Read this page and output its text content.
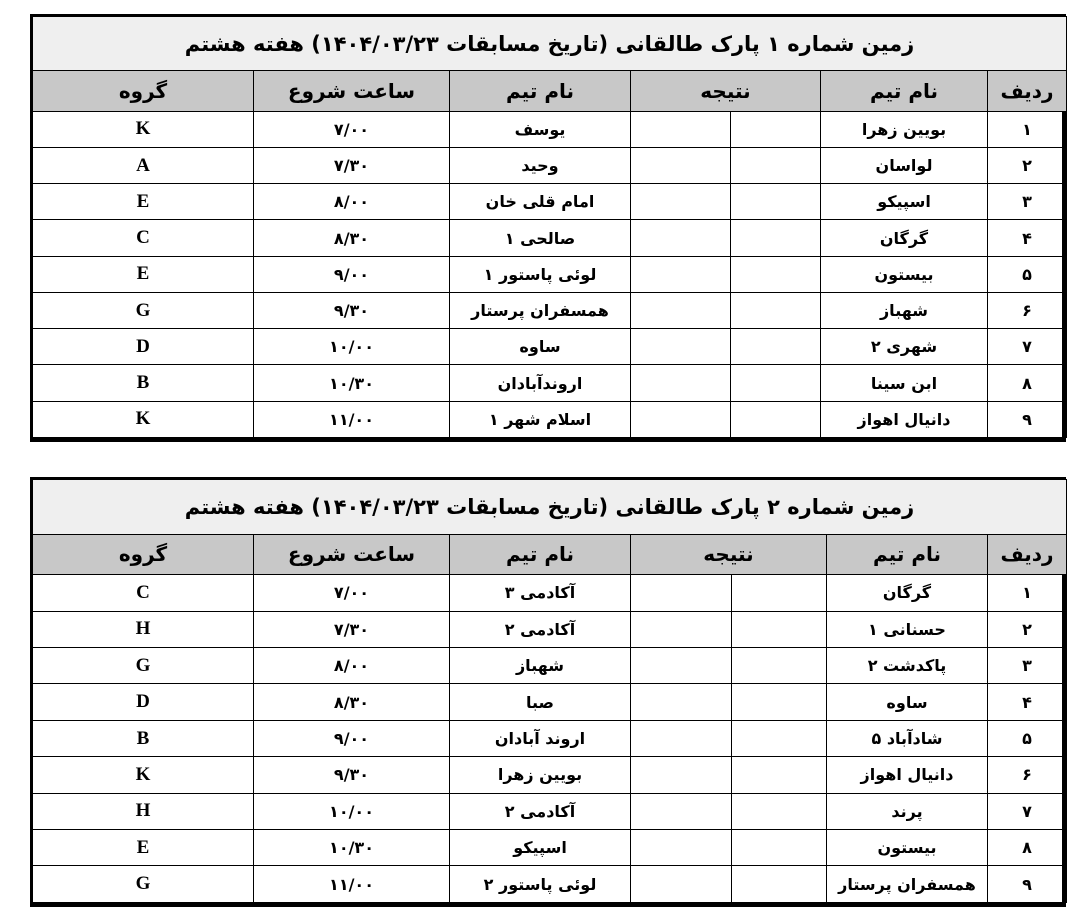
زمین شماره ۱ پارک طالقانی (تاریخ مسابقات ۱۴۰۴/۰۳/۲۳) هفته هشتم						
ردیف	نام تیم	نتیجه		نام تیم	ساعت شروع	گروه
۱	بویین زهرا			یوسف	۷/۰۰	K
۲	لواسان			وحید	۷/۳۰	A
۳	اسپیکو			امام قلی خان	۸/۰۰	E
۴	گرگان			صالحی ۱	۸/۳۰	C
۵	بیستون			لوئی پاستور ۱	۹/۰۰	E
۶	شهباز			همسفران پرستار	۹/۳۰	G
۷	شهری ۲			ساوه	۱۰/۰۰	D
۸	ابن سینا			اروندآبادان	۱۰/۳۰	B
۹	دانیال اهواز			اسلام شهر ۱	۱۱/۰۰	K
زمین شماره ۲ پارک طالقانی (تاریخ مسابقات ۱۴۰۴/۰۳/۲۳) هفته هشتم						
ردیف	نام تیم	نتیجه		نام تیم	ساعت شروع	گروه
۱	گرگان			آکادمی ۳	۷/۰۰	C
۲	حسنانی ۱			آکادمی ۲	۷/۳۰	H
۳	پاکدشت ۲			شهباز	۸/۰۰	G
۴	ساوه			صبا	۸/۳۰	D
۵	شادآباد ۵			اروند آبادان	۹/۰۰	B
۶	دانیال اهواز			بویین زهرا	۹/۳۰	K
۷	پرند			آکادمی ۲	۱۰/۰۰	H
۸	بیستون			اسپیکو	۱۰/۳۰	E
۹	همسفران پرستار			لوئی پاستور ۲	۱۱/۰۰	G
